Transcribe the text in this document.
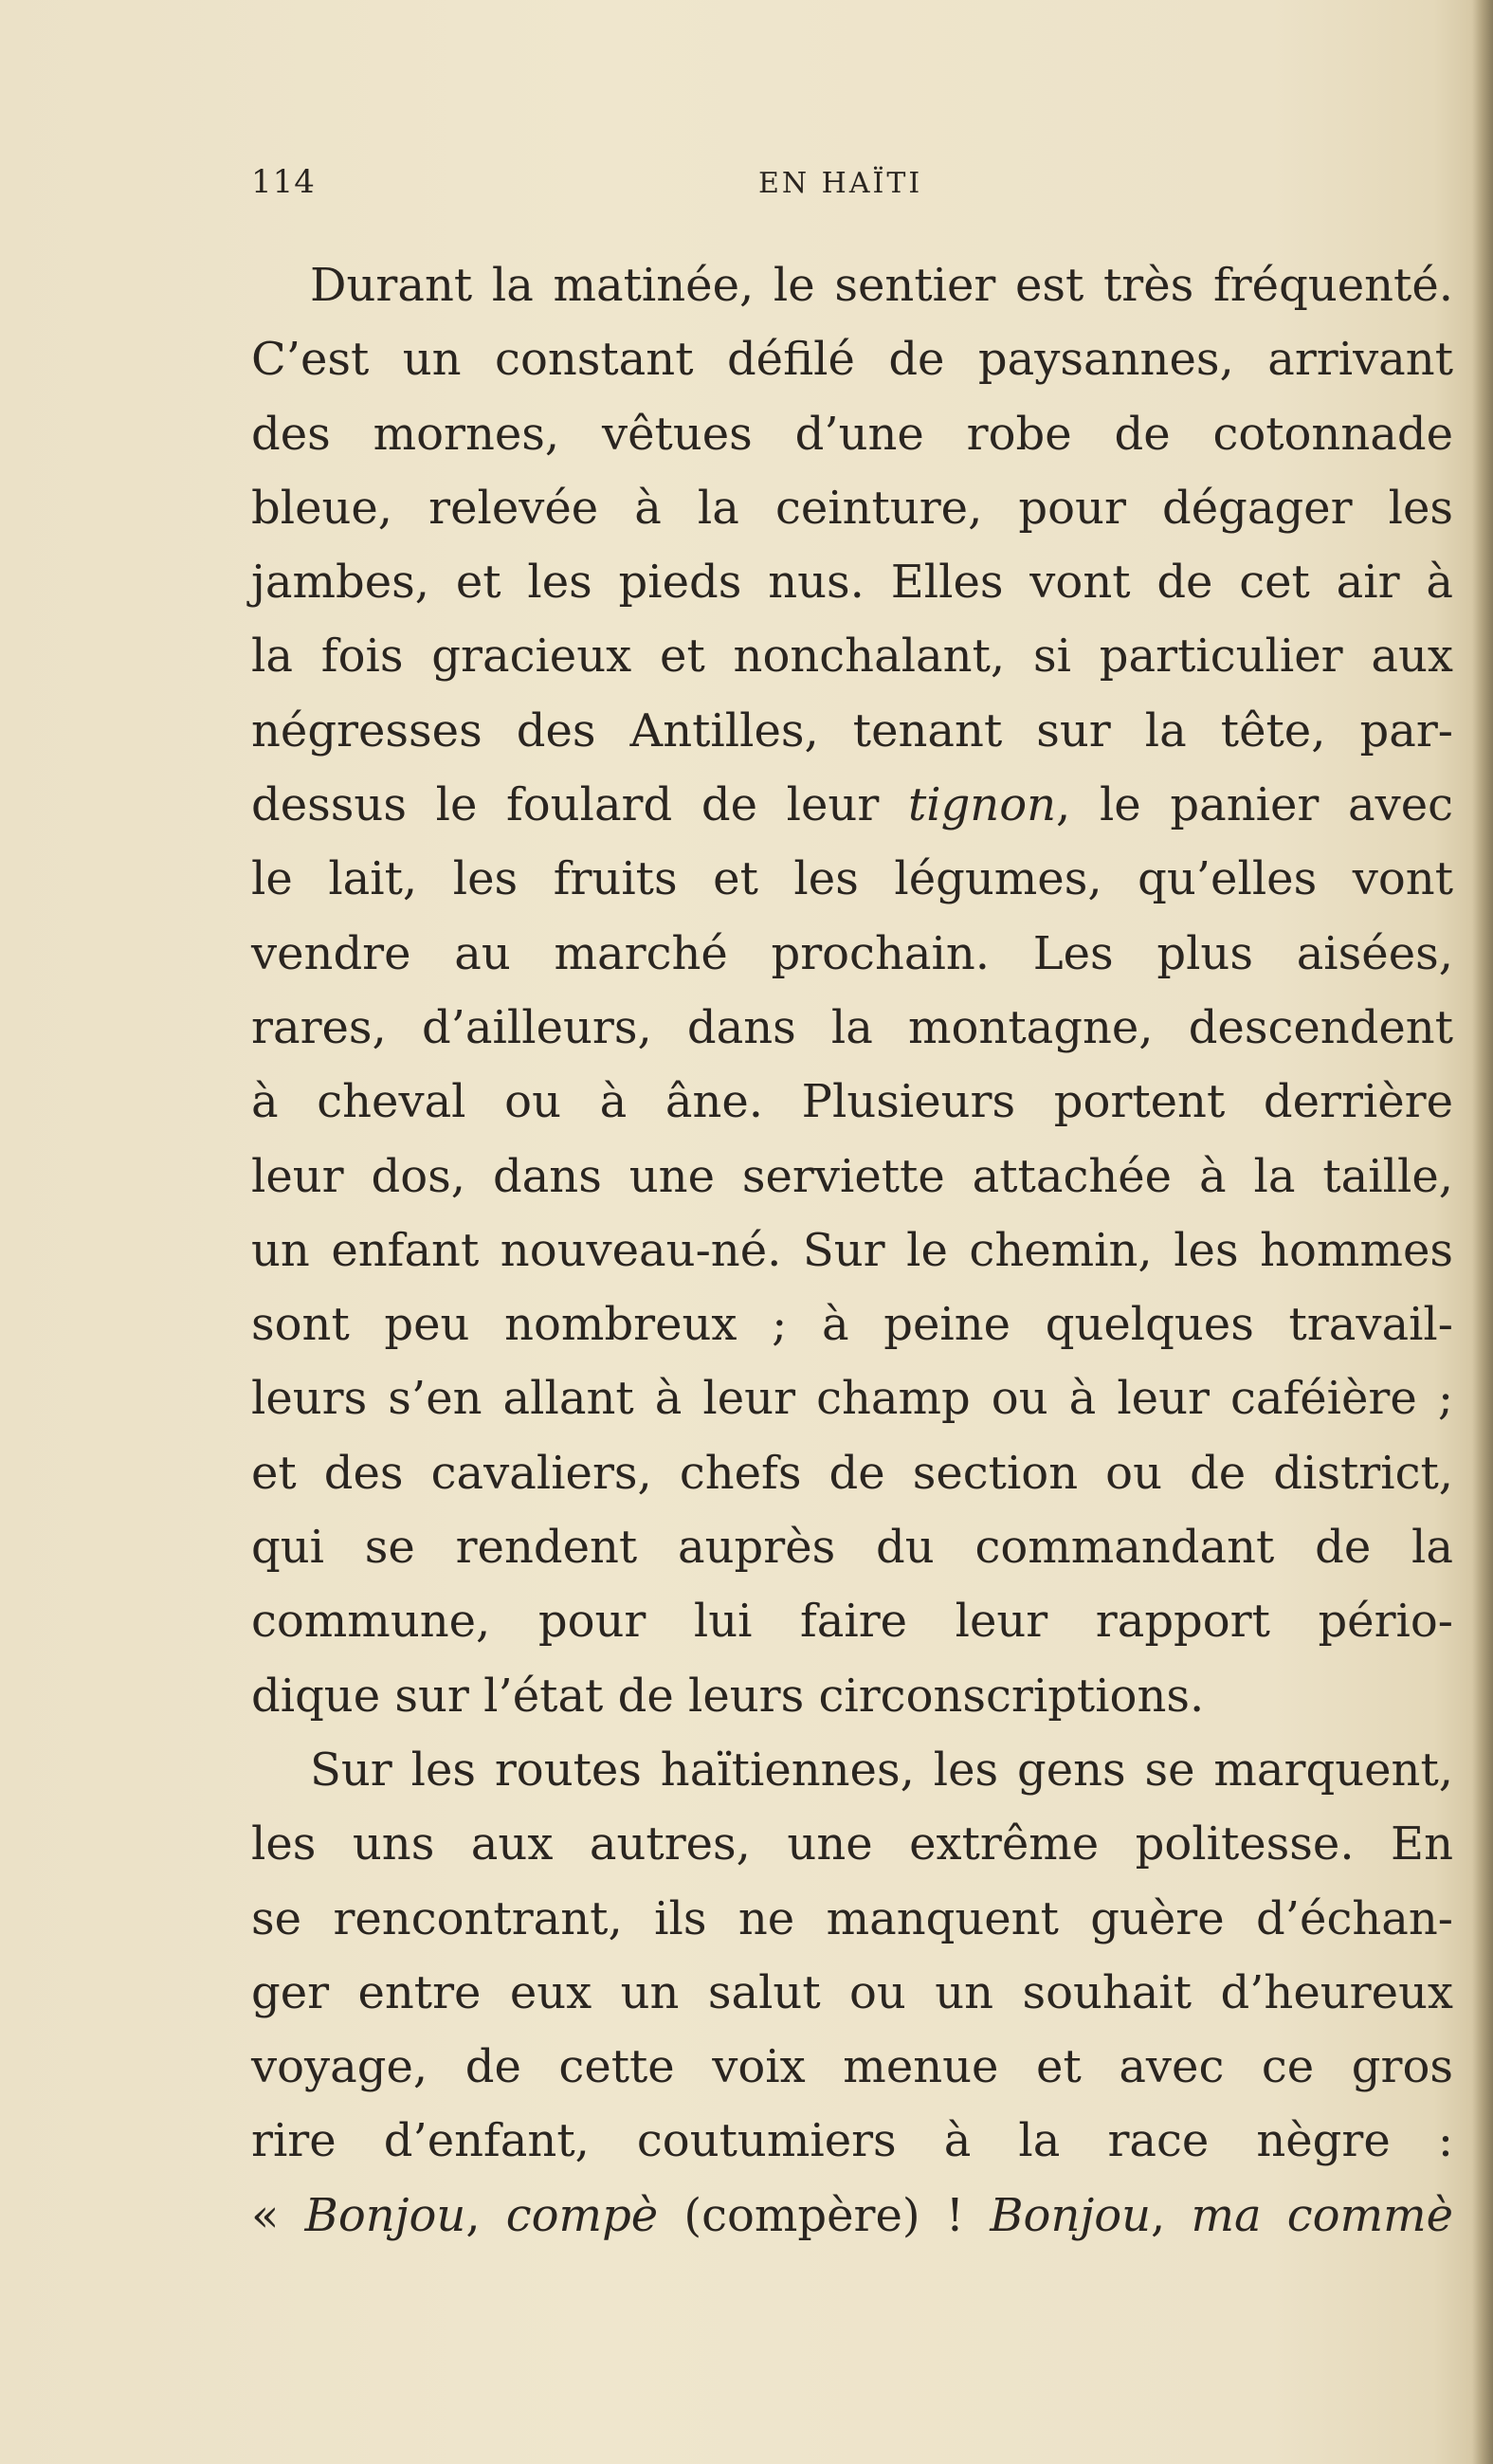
114	EN HAÏTI
Durant la matinée, le sentier est très fréquenté.
C’est un constant défilé de paysannes, arrivant
des mornes, vêtues d’une robe de cotonnade
bleue, relevée à la ceinture, pour dégager les
jambes, et les pieds nus. Elles vont de cet air à
la fois gracieux et nonchalant, si particulier aux
négresses des Antilles, tenant sur la tête, par-
dessus le foulard de leur tignon, le panier avec
le lait, les fruits et les légumes, qu’elles vont
vendre au marché prochain. Les plus aisées,
rares, d’ailleurs, dans la montagne, descendent
à cheval ou à âne. Plusieurs portent derrière
leur dos, dans une serviette attachée à la taille,
un enfant nouveau-né. Sur le chemin, les hommes
sont peu nombreux ; à peine quelques travail-
leurs s’en allant à leur champ ou à leur caféière ;
et des cavaliers, chefs de section ou de district,
qui se rendent auprès du commandant de la
commune, pour lui faire leur rapport pério-
dique sur l’état de leurs circonscriptions.
Sur les routes haïtiennes, les gens se marquent,
les uns aux autres, une extrême politesse. En
se rencontrant, ils ne manquent guère d’échan-
ger entre eux un salut ou un souhait d’heureux
voyage, de cette voix menue et avec ce gros
rire d’enfant, coutumiers à la race nègre :
« Bonjou, compè (compère) ! Bonjou, ma commè
